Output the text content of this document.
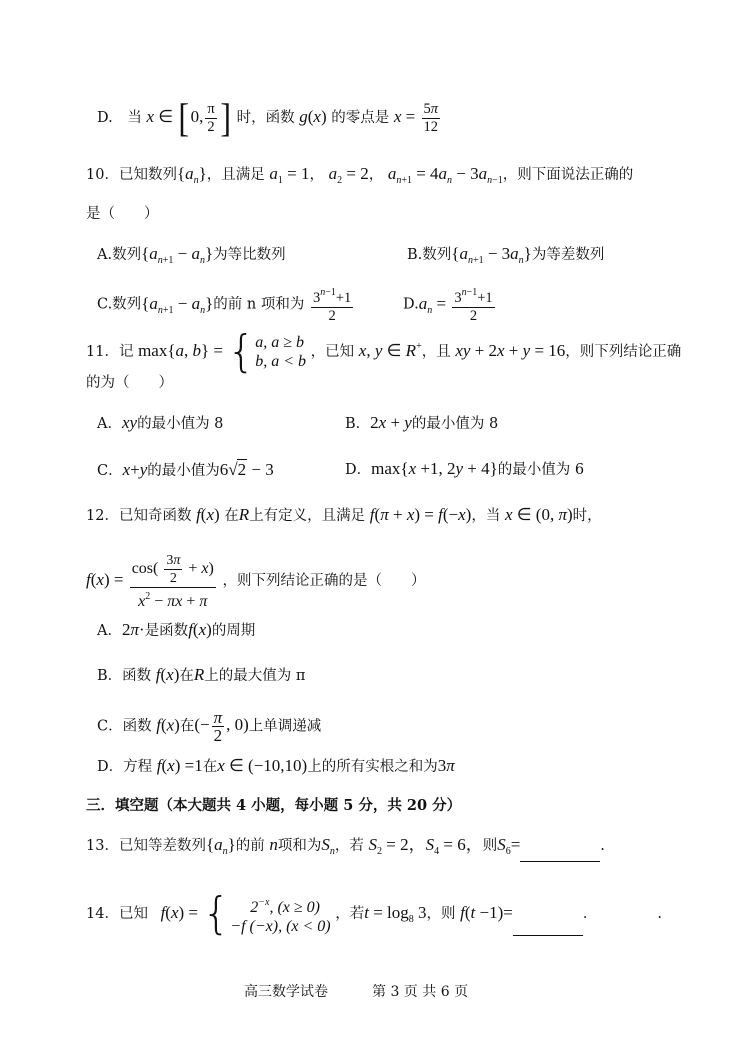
D. 当 x ∈ [0, $\frac{\pi}{2}$ ] 时，函数 g(x) 的零点是 $x = \frac{5\pi}{12}$
10．已知数列$\{a_n\}$，且满足 $a_1 = 1$， $a_2 = 2$， $a_{n+1} = 4a_n - 3a_{n-1}$，则下面说法正确的
是（　　）
A.数列$\{a_{n+1} - a_n\}$为等比数列	B.数列$\{a_{n+1} - 3a_n\}$为等差数列
C.数列$\{a_{n+1} - a_n\}$的前 n 项和为 $\frac{3^{n-1}+1}{2}$	$D.a_n = \frac{3^{n-1}+1}{2}$
11．记 max{a, b} = { a, a ≥ b
b, a < b
，已知 x, y ∈ R+，且 xy + 2x + y = 16，则下列结论正确
的为（　　）
A．xy的最小值为 8	B．2x + y的最小值为 8
C．x+y的最小值为6√2 − 3	D．max{x +1, 2y + 4}的最小值为 6
12．已知奇函数 f(x) 在R上有定义，且满足 f(π + x) = f(−x)，当 x ∈ (0, π)时，
$f(x) = \frac{\cos( \frac{3\pi}{2} + x)}{x^2 - \pi x + \pi}$ ，则下列结论正确的是（　　）
A．2π·是函数f(x)的周期
B．函数 f(x)在R上的最大值为 π
C．函数 f(x)在(− $\frac{\pi}{2}$ , 0)上单调递减
D．方程 f(x) =1在x ∈ (−10,10)上的所有实根之和为3π
三．填空题（本大题共 4 小题，每小题 5 分，共 20 分）
13．已知等差数列$\{a_n\}$的前 n项和为$S_n$，若 $S_2 = 2$，$S_4 = 6$，则$S_6=$	.
14．已知 f(x) = {	$2^{-x}$, (x ≥ 0)
−f (−x), (x < 0)
，若$t = \log_8 3$，则 f(t −1)=	．	.
高三数学试卷	第 3 页 共 6 页
